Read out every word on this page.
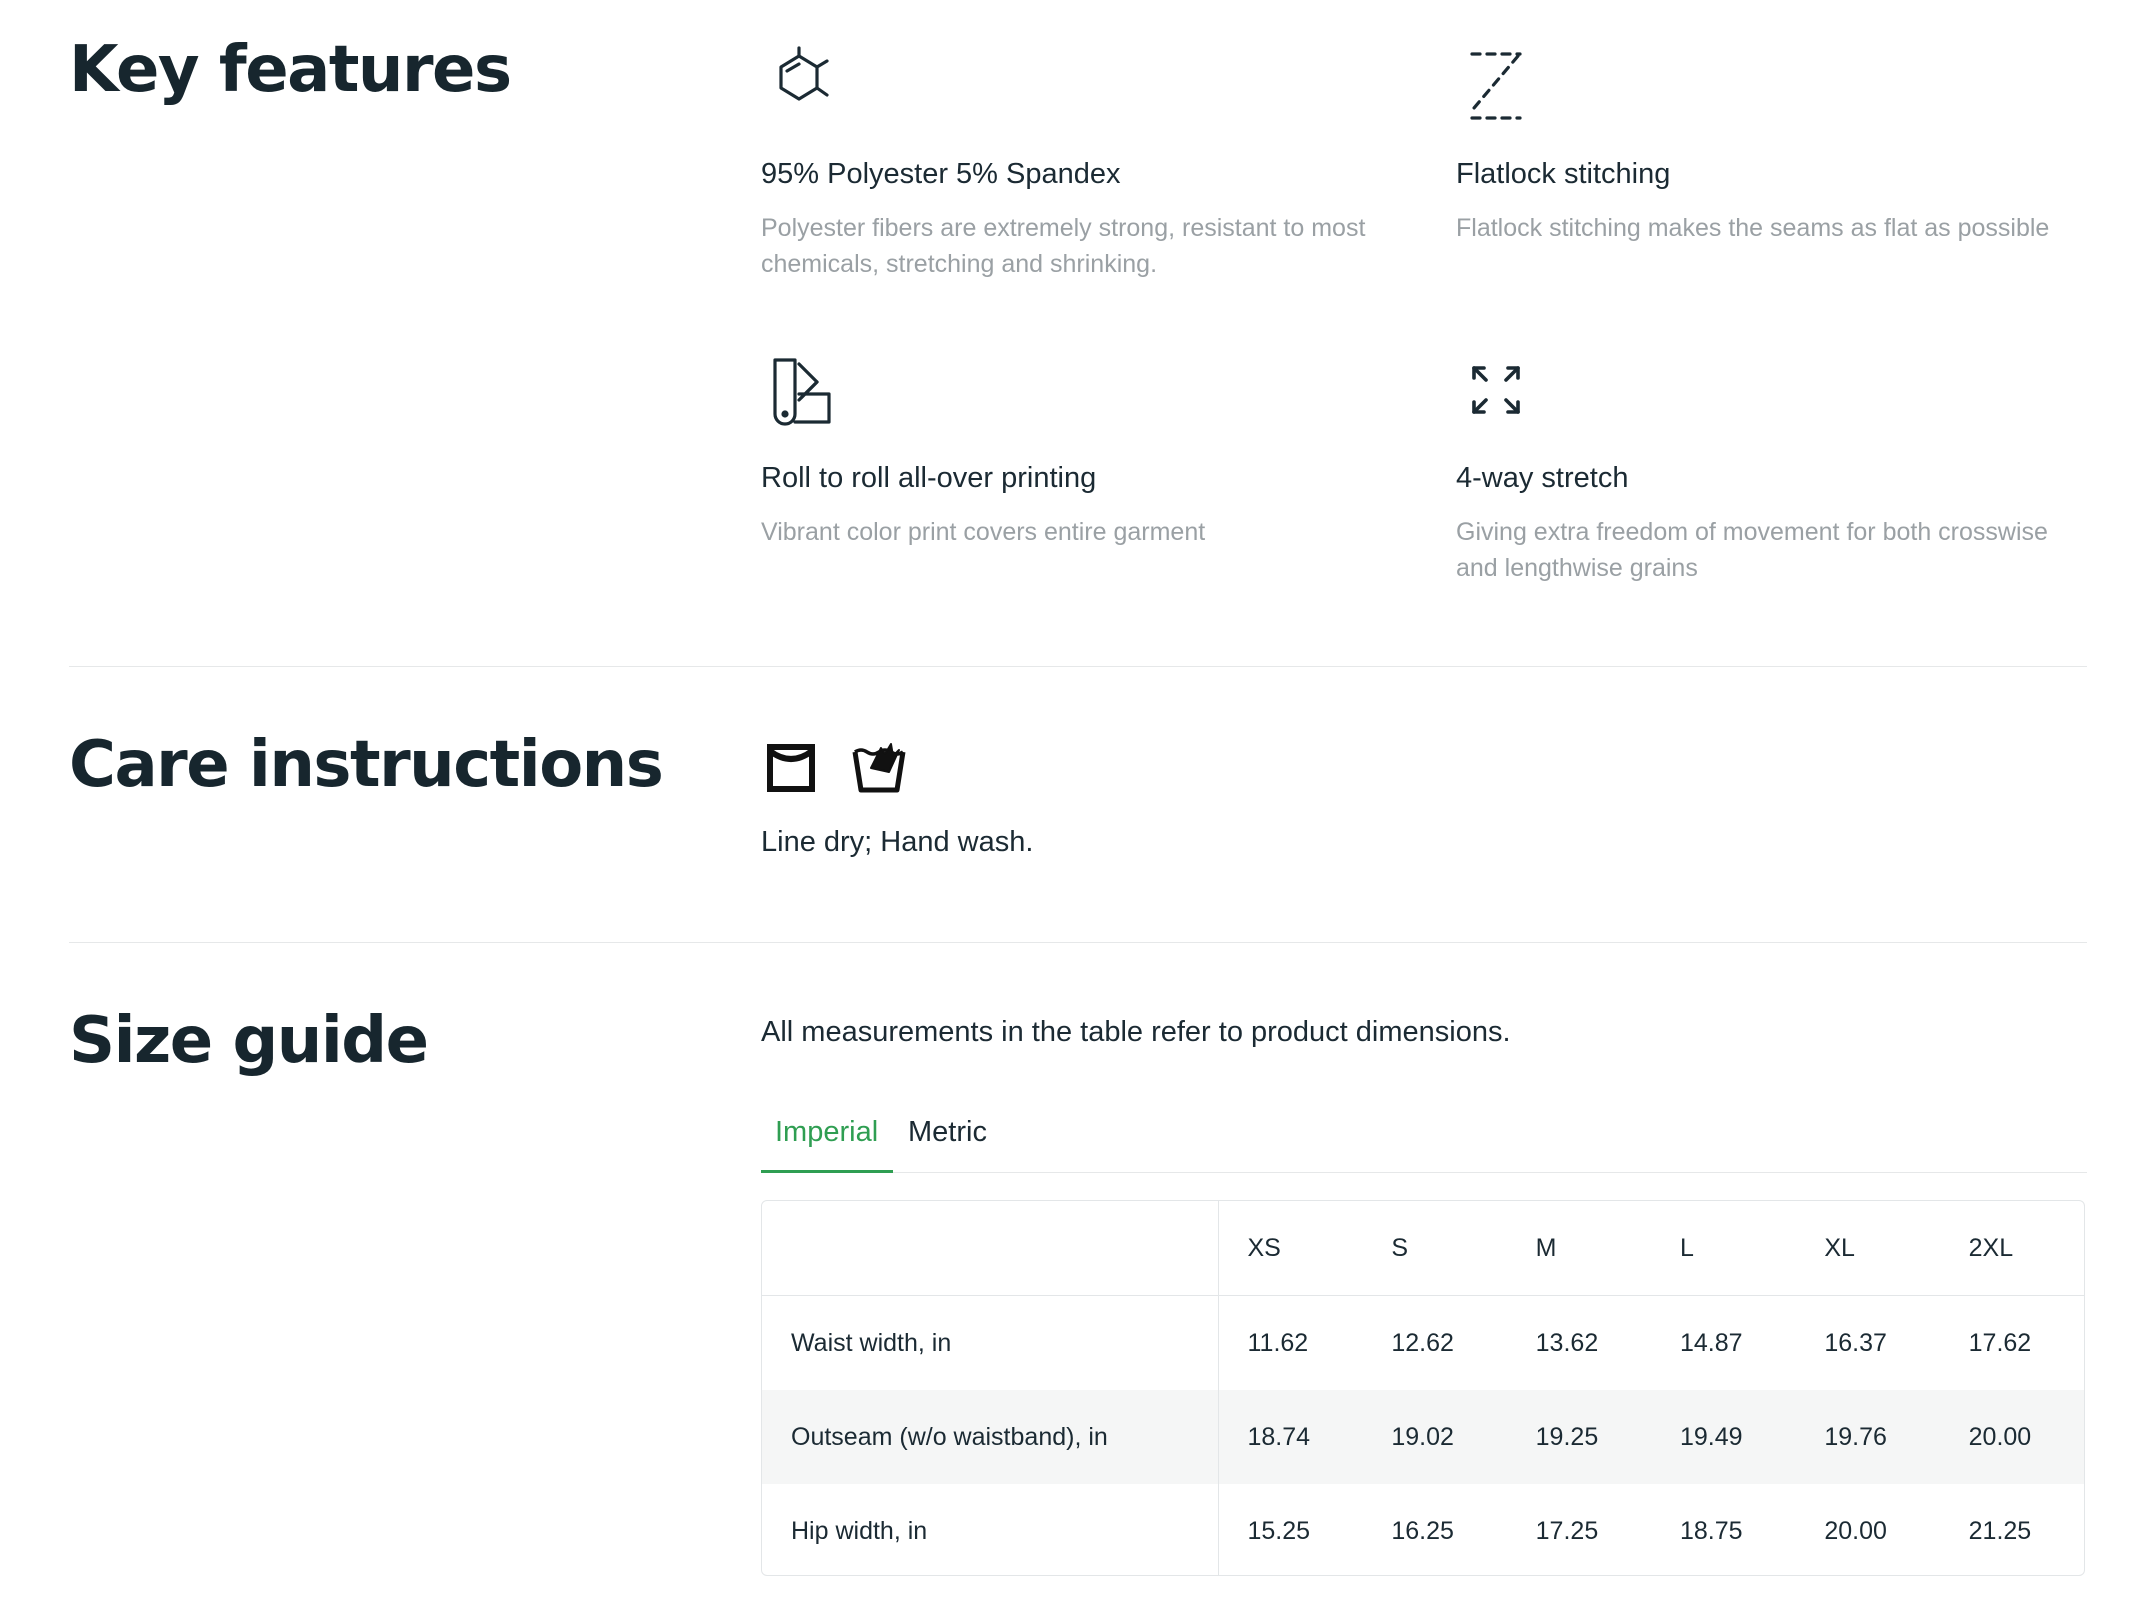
Key features
95% Polyester 5% Spandex
Polyester fibers are extremely strong, resistant to most chemicals, stretching and shrinking.
Flatlock stitching
Flatlock stitching makes the seams as flat as possible
Roll to roll all-over printing
Vibrant color print covers entire garment
4-way stretch
Giving extra freedom of movement for both crosswise and lengthwise grains
Care instructions
Line dry; Hand wash.
Size guide	All measurements in the table refer to product dimensions.
Imperial Metric
	XS	S	M	L	XL	2XL
Waist width, in	11.62	12.62	13.62	14.87	16.37	17.62
Outseam (w/o waistband), in	18.74	19.02	19.25	19.49	19.76	20.00
Hip width, in	15.25	16.25	17.25	18.75	20.00	21.25
